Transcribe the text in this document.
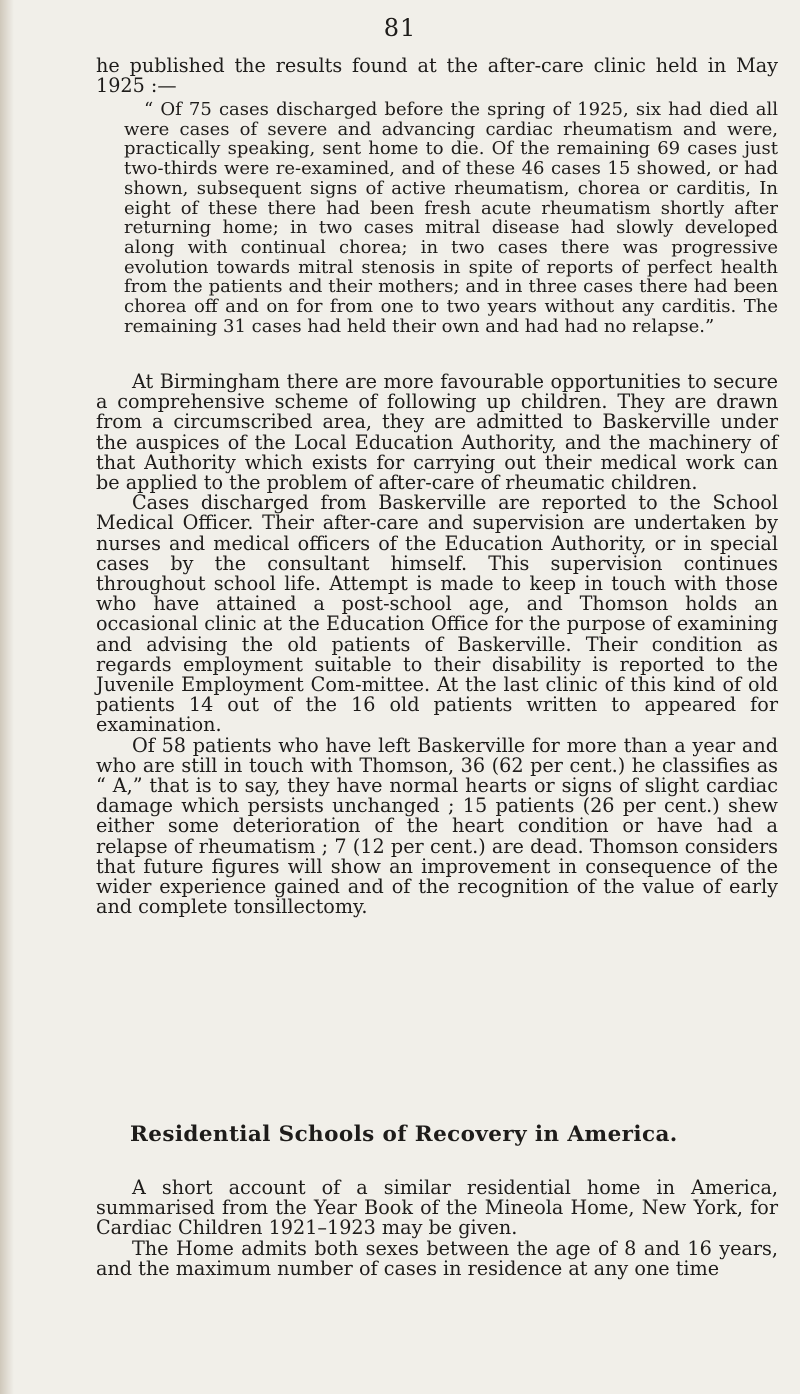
81

he published the results found at the after-care clinic held in May 1925 :—

“ Of 75 cases discharged before the spring of 1925, six had died all were cases of severe and advancing cardiac rheumatism and were, practically speaking, sent home to die. Of the remaining 69 cases just two-thirds were re-examined, and of these 46 cases 15 showed, or had shown, subsequent signs of active rheumatism, chorea or carditis, In eight of these there had been fresh acute rheumatism shortly after returning home; in two cases mitral disease had slowly developed along with continual chorea; in two cases there was progressive evolution towards mitral stenosis in spite of reports of perfect health from the patients and their mothers; and in three cases there had been chorea off and on for from one to two years without any carditis. The remaining 31 cases had held their own and had had no relapse.”

At Birmingham there are more favourable opportunities to secure a comprehensive scheme of following up children. They are drawn from a circumscribed area, they are admitted to Baskerville under the auspices of the Local Education Authority, and the machinery of that Authority which exists for carrying out their medical work can be applied to the problem of after-care of rheumatic children.

Cases discharged from Baskerville are reported to the School Medical Officer. Their after-care and supervision are undertaken by nurses and medical officers of the Education Authority, or in special cases by the consultant himself. This supervision continues throughout school life. Attempt is made to keep in touch with those who have attained a post-school age, and Thomson holds an occasional clinic at the Education Office for the purpose of examining and advising the old patients of Baskerville. Their condition as regards employment suitable to their disability is reported to the Juvenile Employment Com-mittee. At the last clinic of this kind of old patients 14 out of the 16 old patients written to appeared for examination.

Of 58 patients who have left Baskerville for more than a year and who are still in touch with Thomson, 36 (62 per cent.) he classifies as “ A,” that is to say, they have normal hearts or signs of slight cardiac damage which persists unchanged ; 15 patients (26 per cent.) shew either some deterioration of the heart condition or have had a relapse of rheumatism ; 7 (12 per cent.) are dead. Thomson considers that future figures will show an improvement in consequence of the wider experience gained and of the recognition of the value of early and complete tonsillectomy.

Residential Schools of Recovery in America.

A short account of a similar residential home in America, summarised from the Year Book of the Mineola Home, New York, for Cardiac Children 1921–1923 may be given.

The Home admits both sexes between the age of 8 and 16 years, and the maximum number of cases in residence at any one time
